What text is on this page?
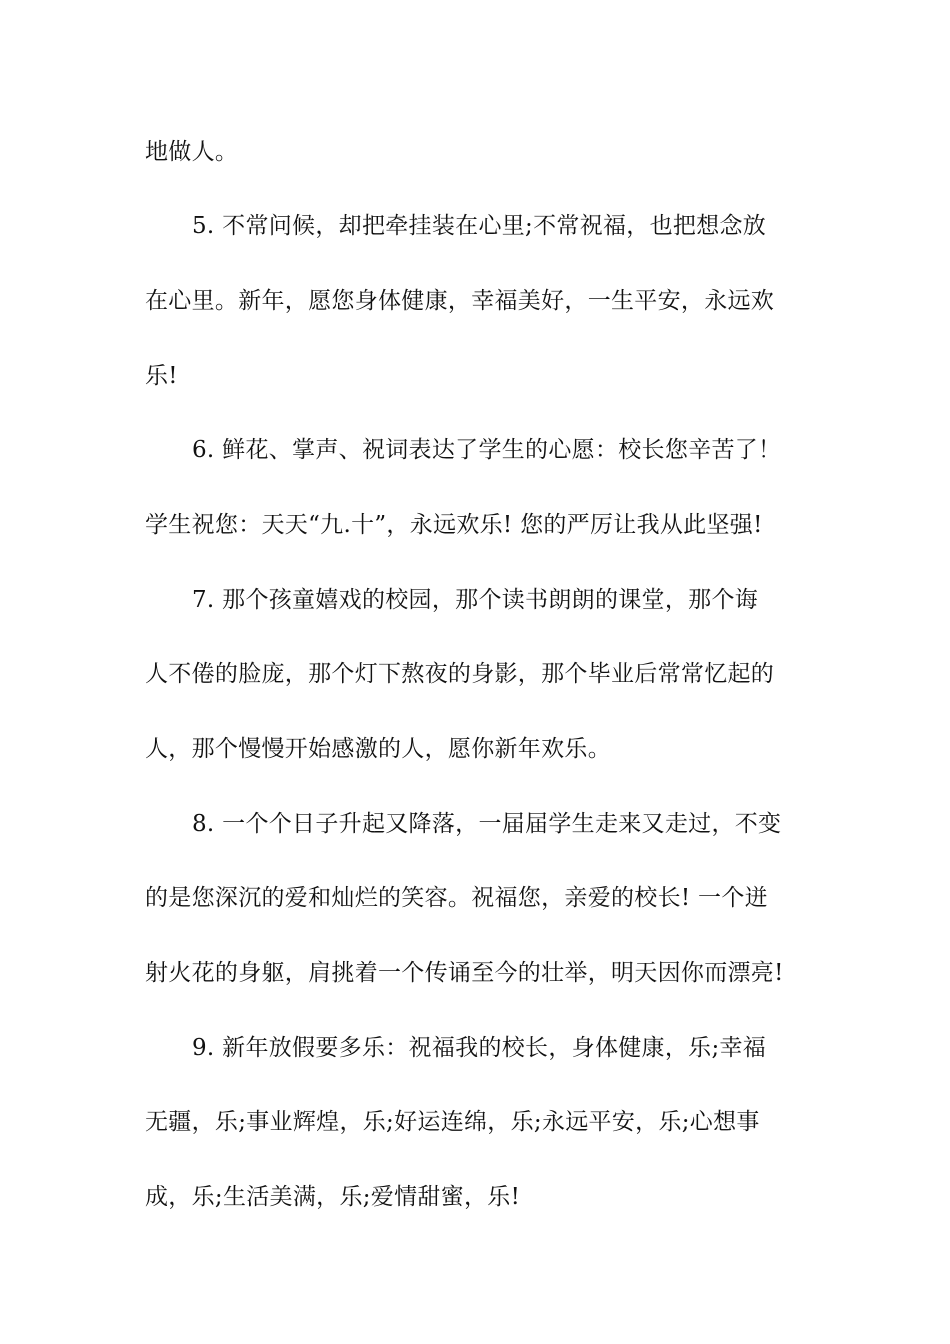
地做人。
5. 不常问候，却把牵挂装在心里;不常祝福，也把想念放
在心里。新年，愿您身体健康，幸福美好，一生平安，永远欢
乐!
6. 鲜花、掌声、祝词表达了学生的心愿：校长您辛苦了！
学生祝您：天天“九.十”，永远欢乐! 您的严厉让我从此坚强!
7. 那个孩童嬉戏的校园，那个读书朗朗的课堂，那个诲
人不倦的脸庞，那个灯下熬夜的身影，那个毕业后常常忆起的
人，那个慢慢开始感激的人，愿你新年欢乐。
8. 一个个日子升起又降落，一届届学生走来又走过，不变
的是您深沉的爱和灿烂的笑容。祝福您，亲爱的校长! 一个迸
射火花的身躯，肩挑着一个传诵至今的壮举，明天因你而漂亮!
9. 新年放假要多乐：祝福我的校长，身体健康，乐;幸福
无疆，乐;事业辉煌，乐;好运连绵，乐;永远平安，乐;心想事
成，乐;生活美满，乐;爱情甜蜜，乐!
